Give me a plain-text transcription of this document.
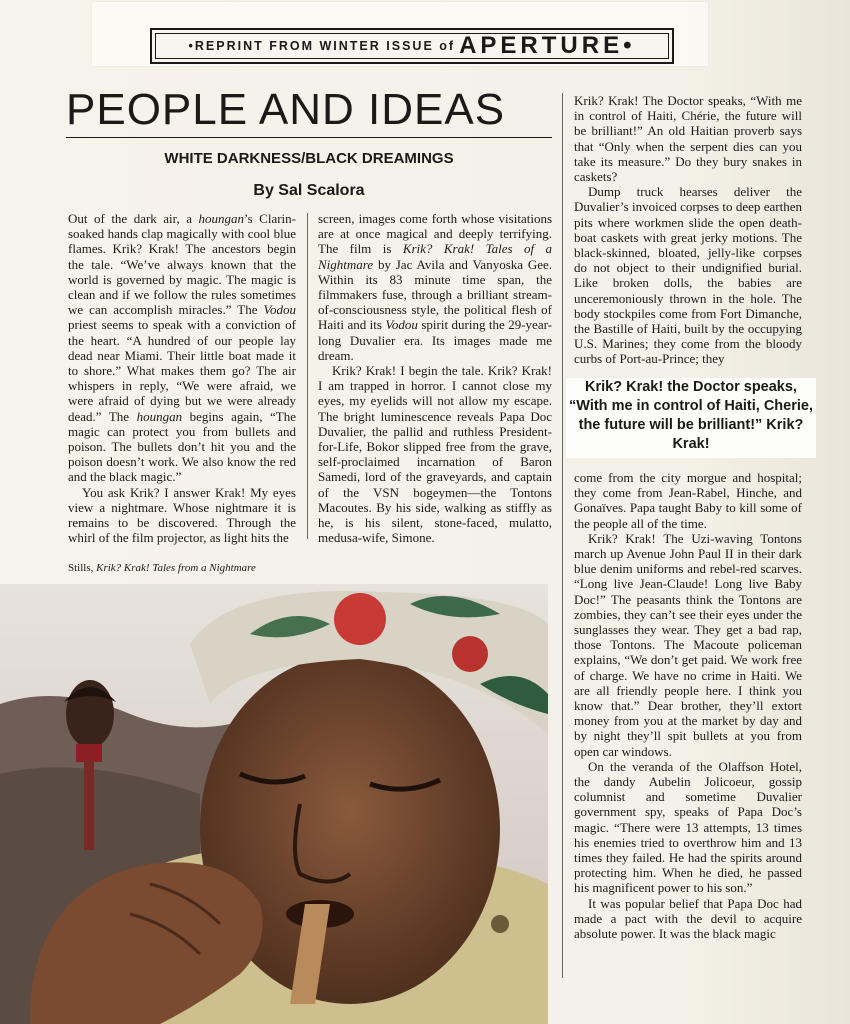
•REPRINT FROM WINTER ISSUE of APERTURE•
PEOPLE AND IDEAS
WHITE DARKNESS/BLACK DREAMINGS
By Sal Scalora

Out of the dark air, a houngan’s Clarin-soaked hands clap magically with cool blue flames. Krik? Krak! The ancestors begin the tale. “We’ve always known that the world is governed by magic. The magic is clean and if we follow the rules sometimes we can accomplish miracles.” The Vodou priest seems to speak with a conviction of the heart. “A hundred of our people lay dead near Miami. Their little boat made it to shore.” What makes them go? The air whispers in reply, “We were afraid, we were afraid of dying but we were already dead.” The houngan begins again, “The magic can protect you from bullets and poison. The bullets don’t hit you and the poison doesn’t work. We also know the red and the black magic.”

You ask Krik? I answer Krak! My eyes view a nightmare. Whose nightmare it is remains to be discovered. Through the whirl of the film projector, as light hits the

screen, images come forth whose visitations are at once magical and deeply terrifying. The film is Krik? Krak! Tales of a Nightmare by Jac Avila and Vanyoska Gee. Within its 83 minute time span, the filmmakers fuse, through a brilliant stream-of-consciousness style, the political flesh of Haiti and its Vodou spirit during the 29-year-long Duvalier era. Its images made me dream.

Krik? Krak! I begin the tale. Krik? Krak! I am trapped in horror. I cannot close my eyes, my eyelids will not allow my escape. The bright luminescence reveals Papa Doc Duvalier, the pallid and ruthless President-for-Life, Bokor slipped free from the grave, self-proclaimed incarnation of Baron Samedi, lord of the graveyards, and captain of the VSN bogeymen—the Tontons Macoutes. By his side, walking as stiffly as he, is his silent, stone-faced, mulatto, medusa-wife, Simone.

Krik? Krak! The Doctor speaks, “With me in control of Haiti, Chérie, the future will be brilliant!” An old Haitian proverb says that “Only when the serpent dies can you take its measure.” Do they bury snakes in caskets?

Dump truck hearses deliver the Duvalier’s invoiced corpses to deep earthen pits where workmen slide the open death-boat caskets with great jerky motions. The black-skinned, bloated, jelly-like corpses do not object to their undignified burial. Like broken dolls, the babies are unceremoniously thrown in the hole. The body stockpiles come from Fort Dimanche, the Bastille of Haiti, built by the occupying U.S. Marines; they come from the bloody curbs of Port-au-Prince; they

Krik? Krak! the Doctor speaks, “With me in control of Haiti, Cherie, the future will be brilliant!” Krik? Krak!

come from the city morgue and hospital; they come from Jean-Rabel, Hinche, and Gonaïves. Papa taught Baby to kill some of the people all of the time.

Krik? Krak! The Uzi-waving Tontons march up Avenue John Paul II in their dark blue denim uniforms and rebel-red scarves. “Long live Jean-Claude! Long live Baby Doc!” The peasants think the Tontons are zombies, they can’t see their eyes under the sunglasses they wear. They get a bad rap, those Tontons. The Macoute policeman explains, “We don’t get paid. We work free of charge. We have no crime in Haiti. We are all friendly people here. I think you know that.” Dear brother, they’ll extort money from you at the market by day and by night they’ll spit bullets at you from open car windows.

On the veranda of the Olaffson Hotel, the dandy Aubelin Jolicoeur, gossip columnist and sometime Duvalier government spy, speaks of Papa Doc’s magic. “There were 13 attempts, 13 times his enemies tried to overthrow him and 13 times they failed. He had the spirits around protecting him. When he died, he passed his magnificent power to his son.”

It was popular belief that Papa Doc had made a pact with the devil to acquire absolute power. It was the black magic

Stills, Krik? Krak! Tales from a Nightmare
